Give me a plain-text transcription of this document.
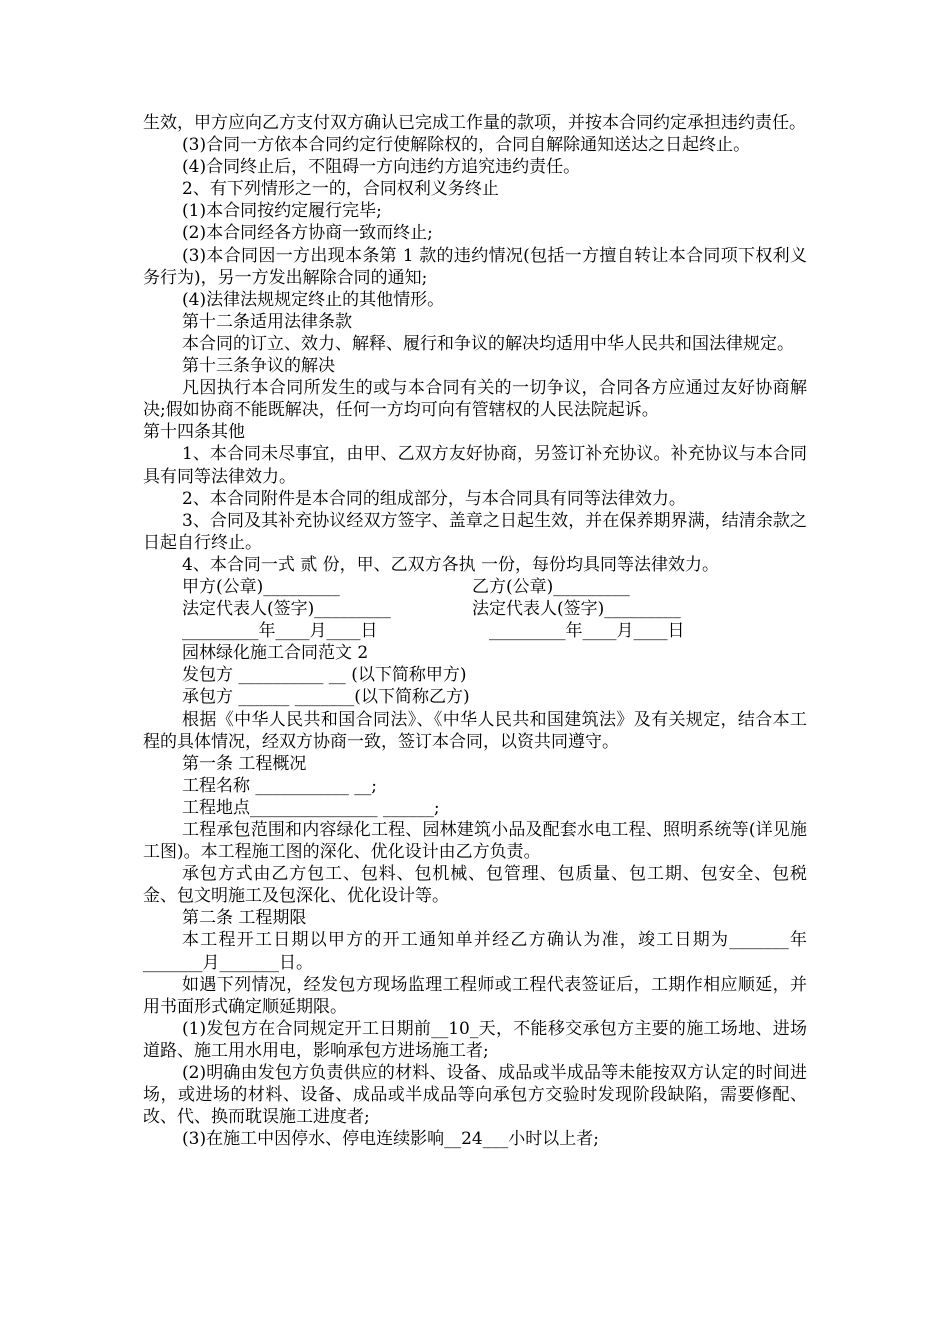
生效，甲方应向乙方支付双方确认已完成工作量的款项，并按本合同约定承担违约责任。

(3)合同一方依本合同约定行使解除权的，合同自解除通知送达之日起终止。

(4)合同终止后，不阻碍一方向违约方追究违约责任。

2、有下列情形之一的，合同权利义务终止

(1)本合同按约定履行完毕;

(2)本合同经各方协商一致而终止;

(3)本合同因一方出现本条第 1 款的违约情况(包括一方擅自转让本合同项下权利义务行为)，另一方发出解除合同的通知;

(4)法律法规规定终止的其他情形。

第十二条适用法律条款

本合同的订立、效力、解释、履行和争议的解决均适用中华人民共和国法律规定。

第十三条争议的解决

凡因执行本合同所发生的或与本合同有关的一切争议，合同各方应通过友好协商解决;假如协商不能既解决，任何一方均可向有管辖权的人民法院起诉。

第十四条其他

1、本合同未尽事宜，由甲、乙双方友好协商，另签订补充协议。补充协议与本合同具有同等法律效力。

2、本合同附件是本合同的组成部分，与本合同具有同等法律效力。

3、合同及其补充协议经双方签字、盖章之日起生效，并在保养期界满，结清余款之日起自行终止。

4、本合同一式 贰 份，甲、乙双方各执 一份，每份均具同等法律效力。

甲方(公章)_________	乙方(公章)_________
法定代表人(签字)_________	法定代表人(签字)_________
_________年____月____日	　_________年____月____日

园林绿化施工合同范文 2

发包方 __________ __ (以下简称甲方)

承包方 ______ _______(以下简称乙方)

根据《中华人民共和国合同法》、《中华人民共和国建筑法》及有关规定，结合本工程的具体情况，经双方协商一致，签订本合同，以资共同遵守。

第一条 工程概况

工程名称 ___________ __;

工程地点_______________ ______;

工程承包范围和内容绿化工程、园林建筑小品及配套水电工程、照明系统等(详见施工图)。本工程施工图的深化、优化设计由乙方负责。

承包方式由乙方包工、包料、包机械、包管理、包质量、包工期、包安全、包税金、包文明施工及包深化、优化设计等。

第二条 工程期限

本工程开工日期以甲方的开工通知单并经乙方确认为准，竣工日期为_______年_______月_______日。

如遇下列情况，经发包方现场监理工程师或工程代表签证后，工期作相应顺延，并用书面形式确定顺延期限。

(1)发包方在合同规定开工日期前__10_天，不能移交承包方主要的施工场地、进场道路、施工用水用电，影响承包方进场施工者;

(2)明确由发包方负责供应的材料、设备、成品或半成品等未能按双方认定的时间进场，或进场的材料、设备、成品或半成品等向承包方交验时发现阶段缺陷，需要修配、改、代、换而耽误施工进度者;

(3)在施工中因停水、停电连续影响__24___小时以上者;
